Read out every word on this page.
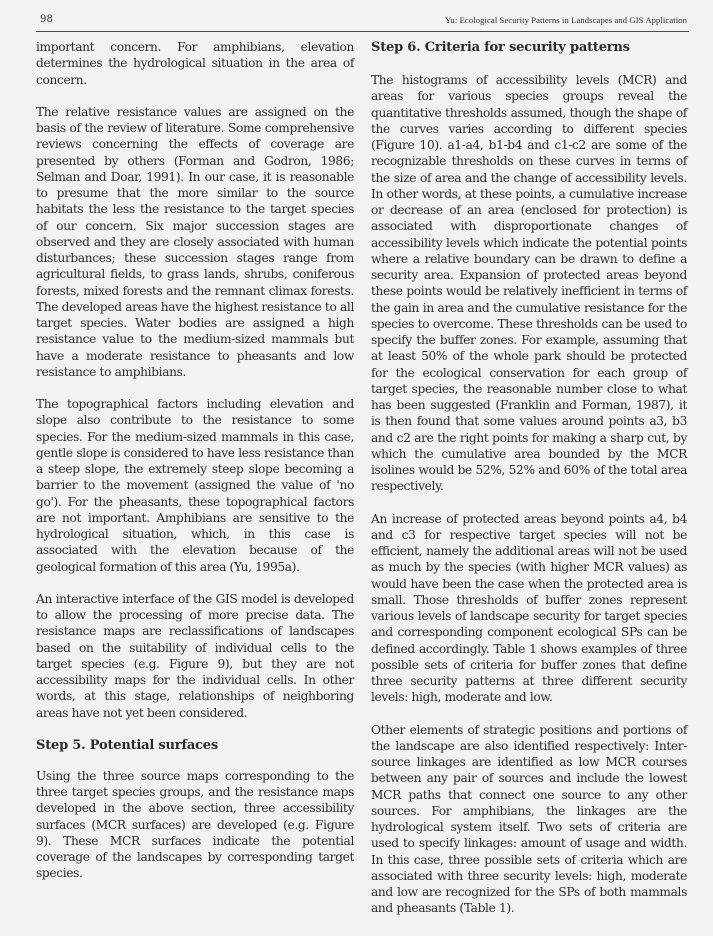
98	Yu: Ecological Security Patterns in Landscapes and GIS Application

important concern. For amphibians, elevation determines the hydrological situation in the area of concern.

The relative resistance values are assigned on the basis of the review of literature. Some comprehensive reviews concerning the effects of coverage are presented by others (Forman and Godron, 1986; Selman and Doar, 1991). In our case, it is reasonable to presume that the more similar to the source habitats the less the resistance to the target species of our concern. Six major succession stages are observed and they are closely associated with human disturbances; these succession stages range from agricultural fields, to grass lands, shrubs, coniferous forests, mixed forests and the remnant climax forests. The developed areas have the highest resistance to all target species. Water bodies are assigned a high resistance value to the medium-sized mammals but have a moderate resistance to pheasants and low resistance to amphibians.

The topographical factors including elevation and slope also contribute to the resistance to some species. For the medium-sized mammals in this case, gentle slope is considered to have less resistance than a steep slope, the extremely steep slope becoming a barrier to the movement (assigned the value of 'no go'). For the pheasants, these topographical factors are not important. Amphibians are sensitive to the hydrological situation, which, in this case is associated with the elevation because of the geological formation of this area (Yu, 1995a).

An interactive interface of the GIS model is developed to allow the processing of more precise data. The resistance maps are reclassifications of landscapes based on the suitability of individual cells to the target species (e.g. Figure 9), but they are not accessibility maps for the individual cells. In other words, at this stage, relationships of neighboring areas have not yet been considered.

Step 5. Potential surfaces

Using the three source maps corresponding to the three target species groups, and the resistance maps developed in the above section, three accessibility surfaces (MCR surfaces) are developed (e.g. Figure 9). These MCR surfaces indicate the potential coverage of the landscapes by corresponding target species.

Step 6. Criteria for security patterns

The histograms of accessibility levels (MCR) and areas for various species groups reveal the quantitative thresholds assumed, though the shape of the curves varies according to different species (Figure 10). a1-a4, b1-b4 and c1-c2 are some of the recognizable thresholds on these curves in terms of the size of area and the change of accessibility levels. In other words, at these points, a cumulative increase or decrease of an area (enclosed for protection) is associated with disproportionate changes of accessibility levels which indicate the potential points where a relative boundary can be drawn to define a security area. Expansion of protected areas beyond these points would be relatively inefficient in terms of the gain in area and the cumulative resistance for the species to overcome. These thresholds can be used to specify the buffer zones. For example, assuming that at least 50% of the whole park should be protected for the ecological conservation for each group of target species, the reasonable number close to what has been suggested (Franklin and Forman, 1987), it is then found that some values around points a3, b3 and c2 are the right points for making a sharp cut, by which the cumulative area bounded by the MCR isolines would be 52%, 52% and 60% of the total area respectively.

An increase of protected areas beyond points a4, b4 and c3 for respective target species will not be efficient, namely the additional areas will not be used as much by the species (with higher MCR values) as would have been the case when the protected area is small. Those thresholds of buffer zones represent various levels of landscape security for target species and corresponding component ecological SPs can be defined accordingly. Table 1 shows examples of three possible sets of criteria for buffer zones that define three security patterns at three different security levels: high, moderate and low.

Other elements of strategic positions and portions of the landscape are also identified respectively: Inter-source linkages are identified as low MCR courses between any pair of sources and include the lowest MCR paths that connect one source to any other sources. For amphibians, the linkages are the hydrological system itself. Two sets of criteria are used to specify linkages: amount of usage and width. In this case, three possible sets of criteria which are associated with three security levels: high, moderate and low are recognized for the SPs of both mammals and pheasants (Table 1).
